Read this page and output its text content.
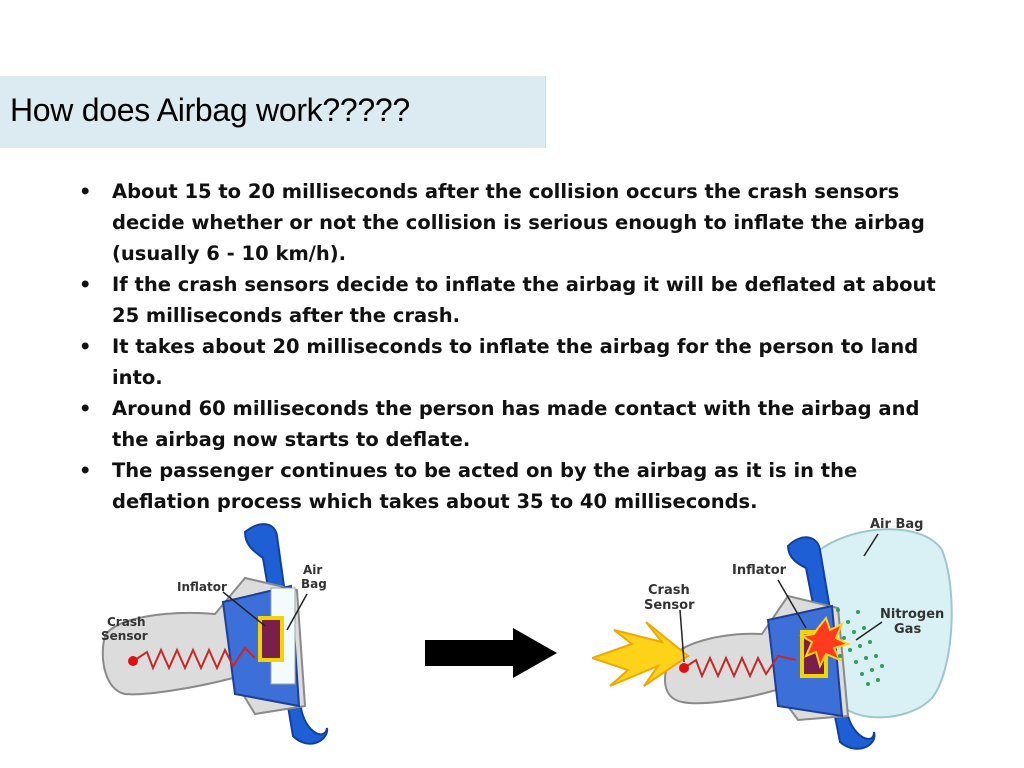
How does Airbag work?????
• About 15 to 20 milliseconds after the collision occurs the crash sensors decide whether or not the collision is serious enough to inflate the airbag (usually 6 - 10 km/h).
• If the crash sensors decide to inflate the airbag it will be deflated at about 25 milliseconds after the crash.
• It takes about 20 milliseconds to inflate the airbag for the person to land into.
• Around 60 milliseconds the person has made contact with the airbag and the airbag now starts to deflate.
• The passenger continues to be acted on by the airbag as it is in the deflation process which takes about 35 to 40 milliseconds.
Inflator
Air
Bag
Crash
Sensor
Air Bag
Inflator
Crash
Sensor
Nitrogen
Gas
